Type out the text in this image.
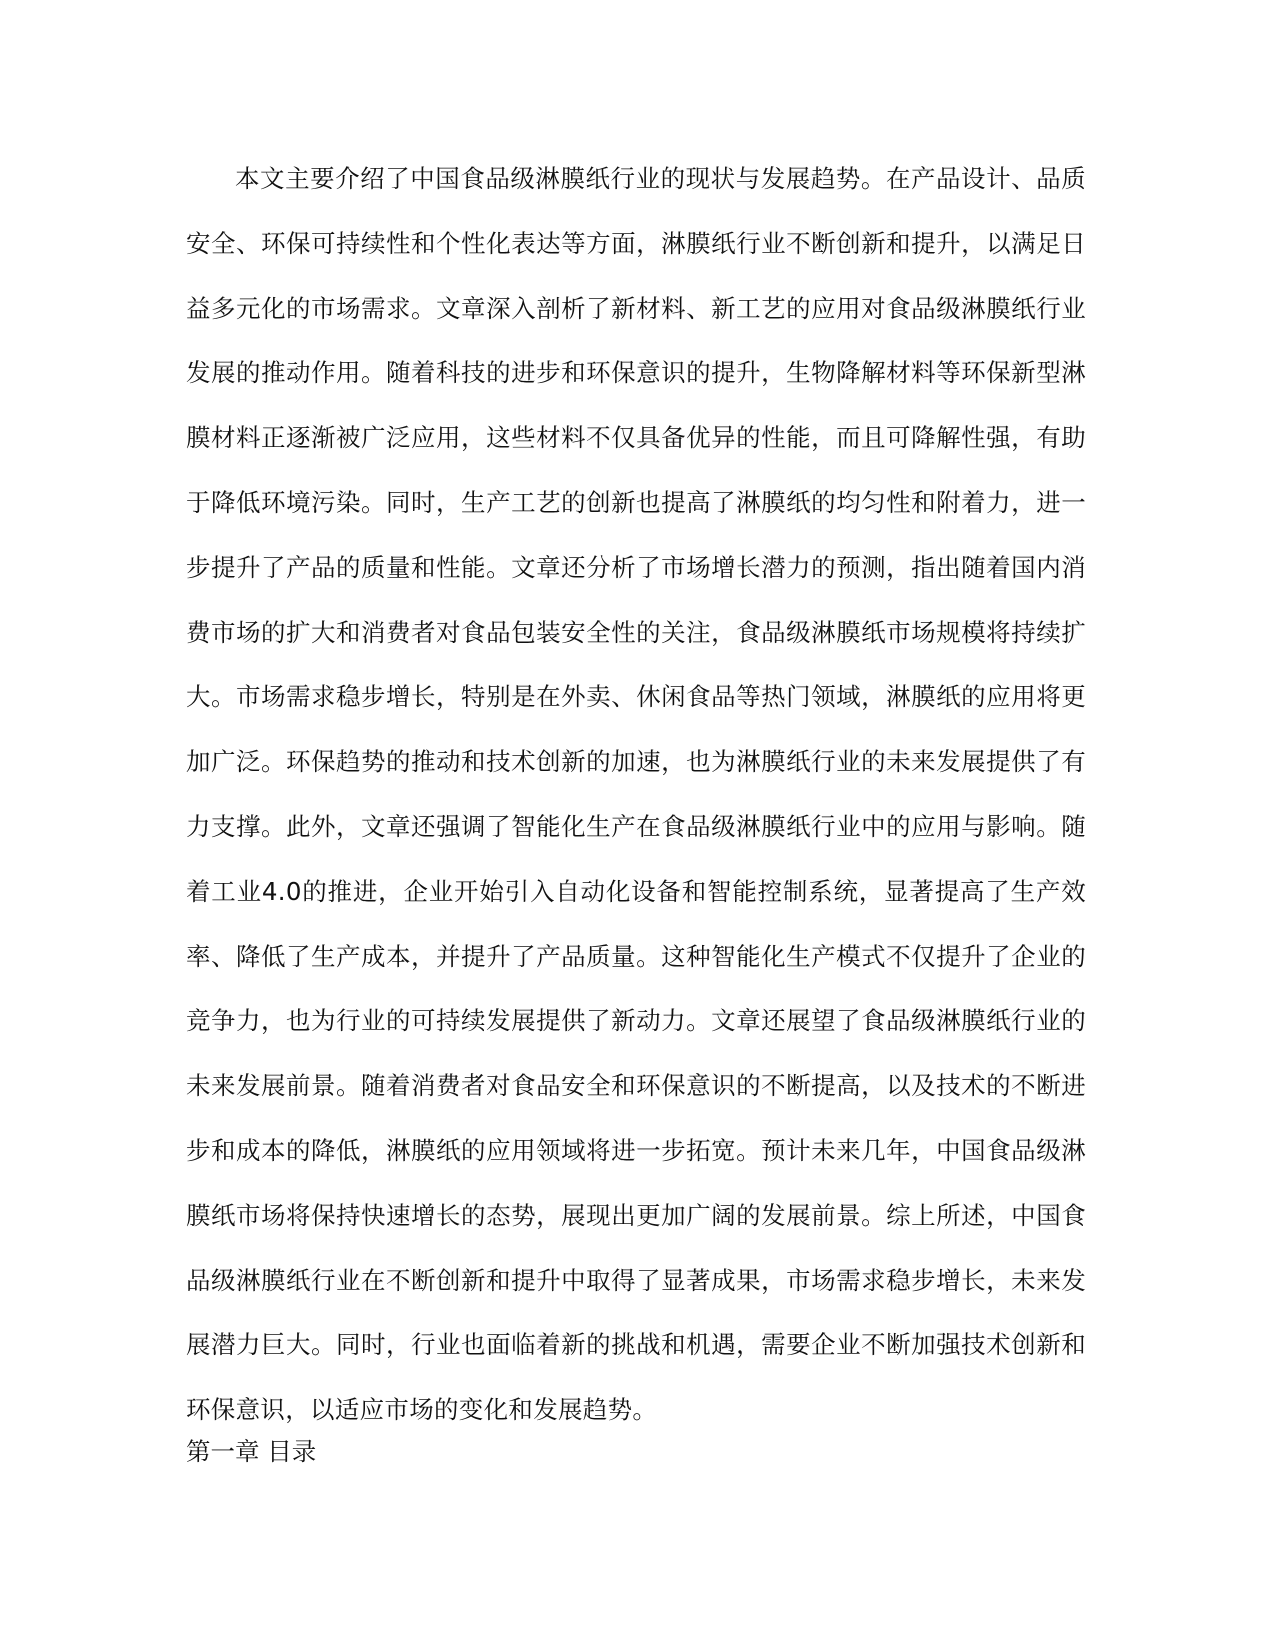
本文主要介绍了中国食品级淋膜纸行业的现状与发展趋势。在产品设计、品质安全、环保可持续性和个性化表达等方面，淋膜纸行业不断创新和提升，以满足日益多元化的市场需求。文章深入剖析了新材料、新工艺的应用对食品级淋膜纸行业发展的推动作用。随着科技的进步和环保意识的提升，生物降解材料等环保新型淋膜材料正逐渐被广泛应用，这些材料不仅具备优异的性能，而且可降解性强，有助于降低环境污染。同时，生产工艺的创新也提高了淋膜纸的均匀性和附着力，进一步提升了产品的质量和性能。文章还分析了市场增长潜力的预测，指出随着国内消费市场的扩大和消费者对食品包装安全性的关注，食品级淋膜纸市场规模将持续扩大。市场需求稳步增长，特别是在外卖、休闲食品等热门领域，淋膜纸的应用将更加广泛。环保趋势的推动和技术创新的加速，也为淋膜纸行业的未来发展提供了有力支撑。此外，文章还强调了智能化生产在食品级淋膜纸行业中的应用与影响。随着工业4.0的推进，企业开始引入自动化设备和智能控制系统，显著提高了生产效率、降低了生产成本，并提升了产品质量。这种智能化生产模式不仅提升了企业的竞争力，也为行业的可持续发展提供了新动力。文章还展望了食品级淋膜纸行业的未来发展前景。随着消费者对食品安全和环保意识的不断提高，以及技术的不断进步和成本的降低，淋膜纸的应用领域将进一步拓宽。预计未来几年，中国食品级淋膜纸市场将保持快速增长的态势，展现出更加广阔的发展前景。综上所述，中国食品级淋膜纸行业在不断创新和提升中取得了显著成果，市场需求稳步增长，未来发展潜力巨大。同时，行业也面临着新的挑战和机遇，需要企业不断加强技术创新和环保意识，以适应市场的变化和发展趋势。

第一章 目录
